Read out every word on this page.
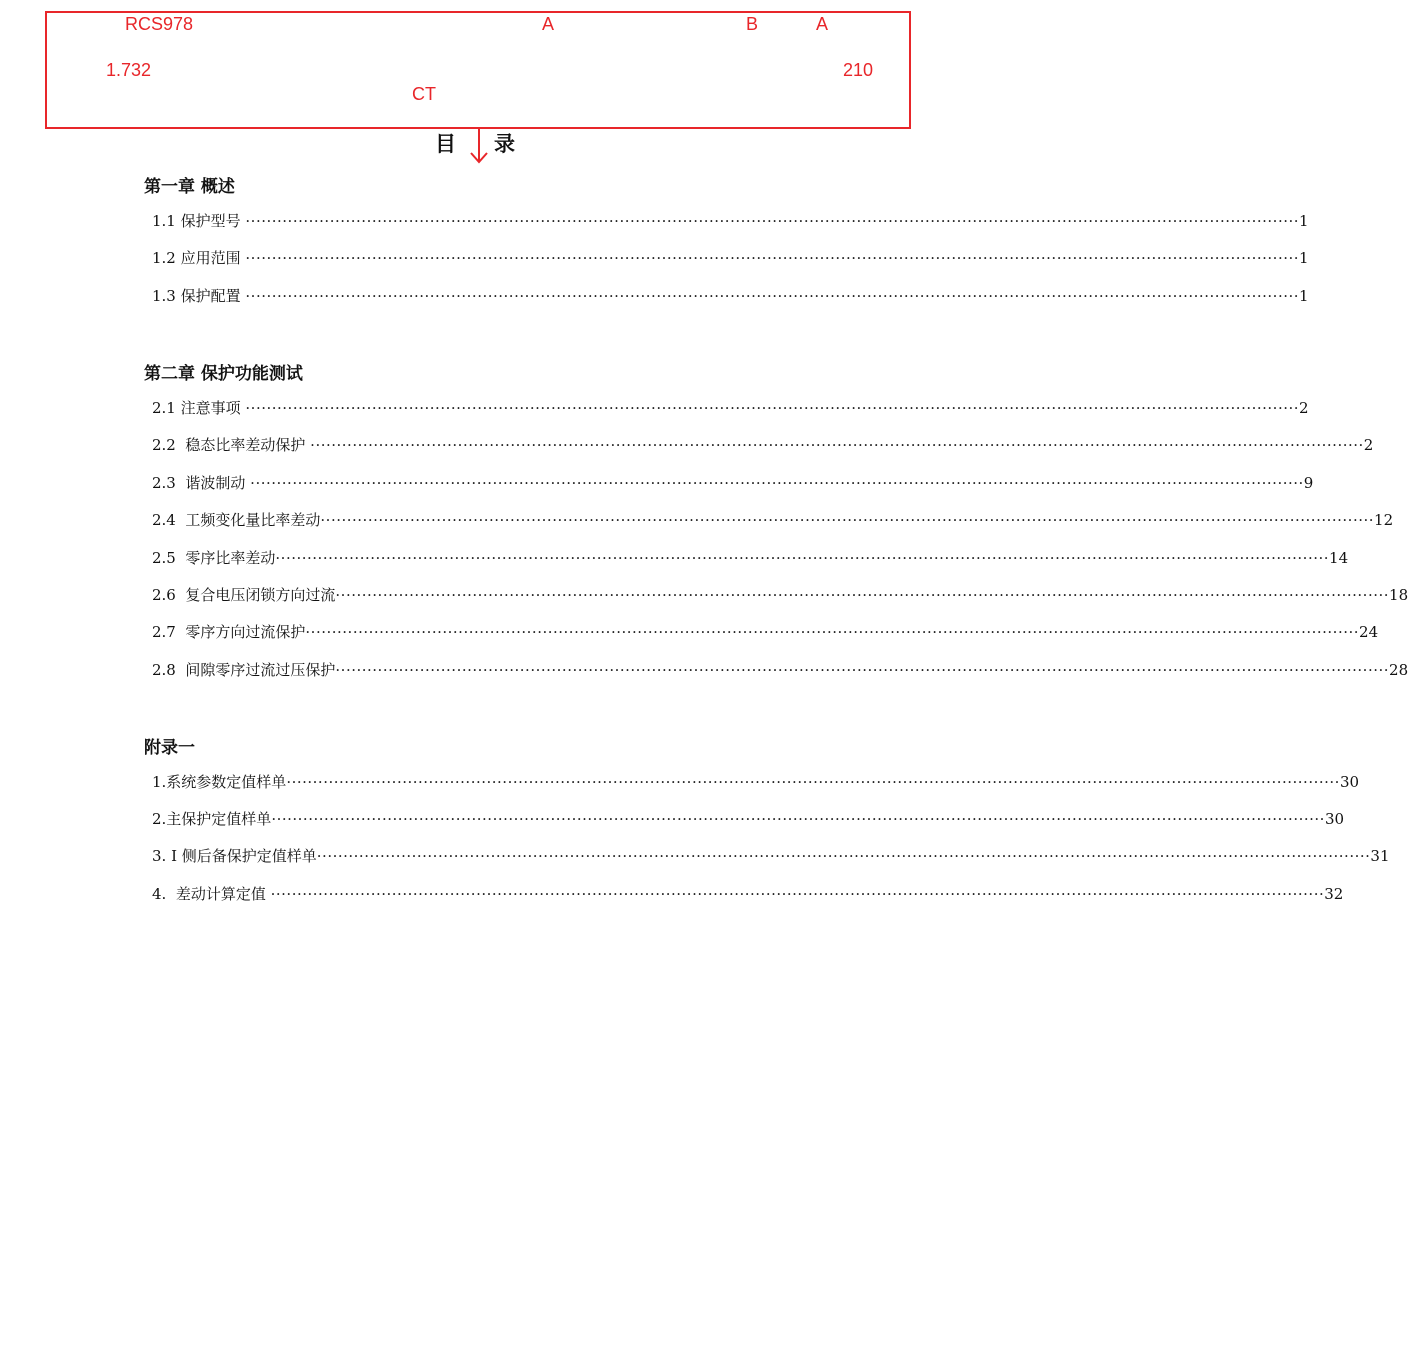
RCS978	A	B	A
1.732	210
CT
目 录
第一章 概述
1.1 保护型号 ········································································································································································································ 1
1.2 应用范围 ········································································································································································································ 1
1.3 保护配置 ········································································································································································································ 1
第二章 保护功能测试
2.1 注意事项 ········································································································································································································ 2
2.2  稳态比率差动保护 ········································································································································································································ 2
2.3  谐波制动 ········································································································································································································ 9
2.4  工频变化量比率差动 ········································································································································································································ 12
2.5  零序比率差动 ········································································································································································································ 14
2.6  复合电压闭锁方向过流 ········································································································································································································ 18
2.7  零序方向过流保护 ········································································································································································································ 24
2.8  间隙零序过流过压保护 ········································································································································································································ 28
附录一
1.系统参数定值样单 ········································································································································································································ 30
2.主保护定值样单 ········································································································································································································ 30
3. I 侧后备保护定值样单 ········································································································································································································ 31
4.  差动计算定值 ········································································································································································································ 32
